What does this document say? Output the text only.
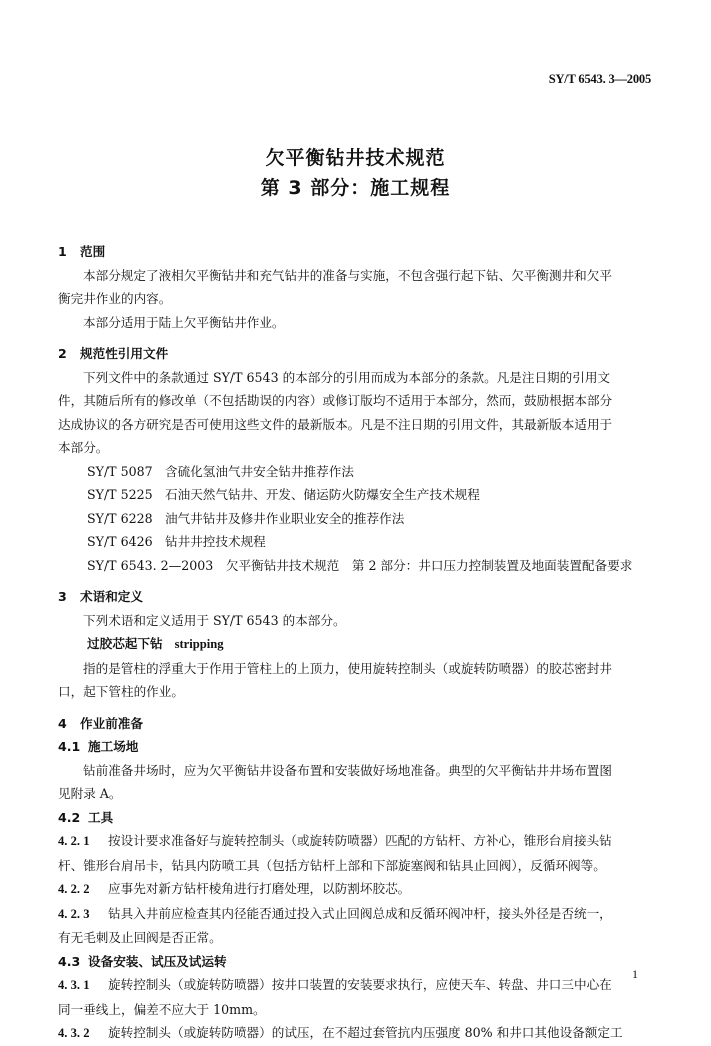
SY/T 6543. 3—2005
欠平衡钻井技术规范
第 3 部分：施工规程
1 范围
本部分规定了液相欠平衡钻井和充气钻井的准备与实施，不包含强行起下钻、欠平衡测井和欠平
衡完井作业的内容。
本部分适用于陆上欠平衡钻井作业。
2 规范性引用文件
下列文件中的条款通过 SY/T 6543 的本部分的引用而成为本部分的条款。凡是注日期的引用文
件，其随后所有的修改单（不包括勘误的内容）或修订版均不适用于本部分，然而，鼓励根据本部分
达成协议的各方研究是否可使用这些文件的最新版本。凡是不注日期的引用文件，其最新版本适用于
本部分。
SY/T 5087 含硫化氢油气井安全钻井推荐作法
SY/T 5225 石油天然气钻井、开发、储运防火防爆安全生产技术规程
SY/T 6228 油气井钻井及修井作业职业安全的推荐作法
SY/T 6426 钻井井控技术规程
SY/T 6543. 2—2003　 欠平衡钻井技术规范　第 2 部分：井口压力控制装置及地面装置配备要求
3 术语和定义
下列术语和定义适用于 SY/T 6543 的本部分。
过胶芯起下钻 stripping
指的是管柱的浮重大于作用于管柱上的上顶力，使用旋转控制头（或旋转防喷器）的胶芯密封井
口，起下管柱的作业。
4 作业前准备
4.1 施工场地
钻前准备井场时，应为欠平衡钻井设备布置和安装做好场地准备。典型的欠平衡钻井井场布置图
见附录 A。
4.2 工具
4. 2. 1 按设计要求准备好与旋转控制头（或旋转防喷器）匹配的方钻杆、方补心，锥形台肩接头钻
杆、锥形台肩吊卡，钻具内防喷工具（包括方钻杆上部和下部旋塞阀和钻具止回阀），反循环阀等。
4. 2. 2 应事先对新方钻杆棱角进行打磨处理，以防割坏胶芯。
4. 2. 3 钻具入井前应检查其内径能否通过投入式止回阀总成和反循环阀冲杆，接头外径是否统一，
有无毛刺及止回阀是否正常。
4.3 设备安装、试压及试运转
4. 3. 1 旋转控制头（或旋转防喷器）按井口装置的安装要求执行，应使天车、转盘、井口三中心在
同一垂线上，偏差不应大于 10mm。
4. 3. 2 旋转控制头（或旋转防喷器）的试压，在不超过套管抗内压强度 80% 和井口其他设备额定工
1
